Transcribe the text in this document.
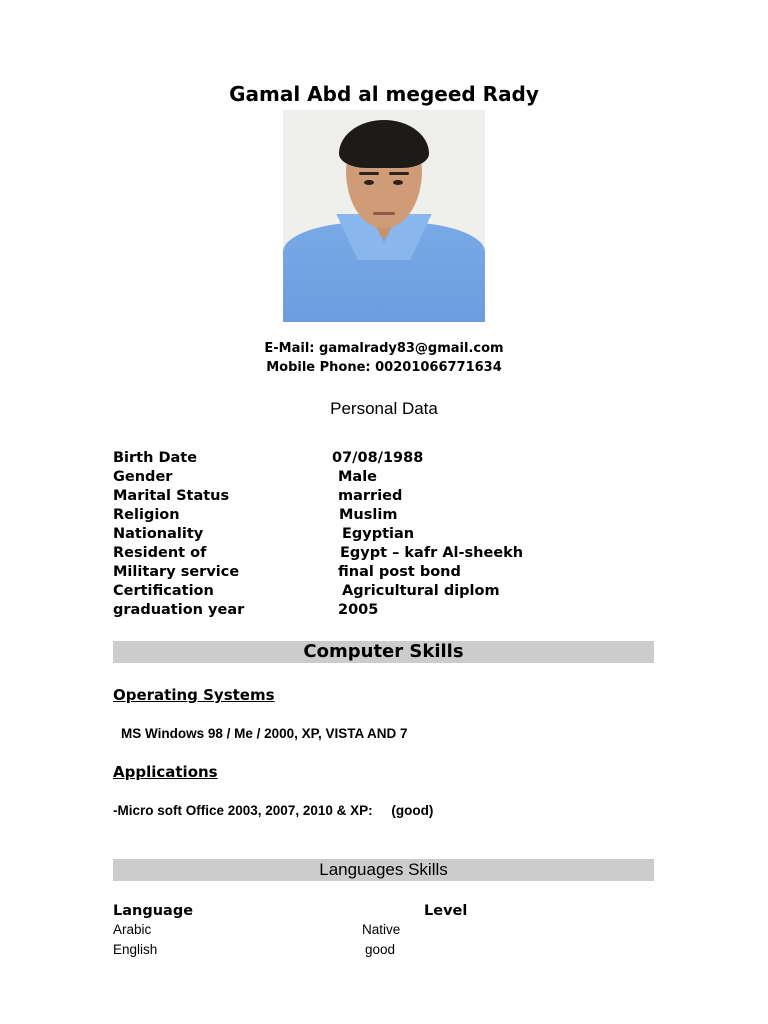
Gamal Abd al megeed Rady
E-Mail: gamalrady83@gmail.com
Mobile Phone: 00201066771634
Personal Data
Birth Date	07/08/1988
Gender	Male
Marital Status	married
Religion	Muslim
Nationality	Egyptian
Resident of	Egypt – kafr Al-sheekh
Military service	final post bond
Certification	Agricultural diplom
graduation year	2005
Computer Skills
Operating Systems
MS Windows 98 / Me / 2000, XP, VISTA AND 7
Applications
-Micro soft Office 2003, 2007, 2010 & XP:     (good)
Languages Skills
Language	Level
Arabic	Native
English	good
